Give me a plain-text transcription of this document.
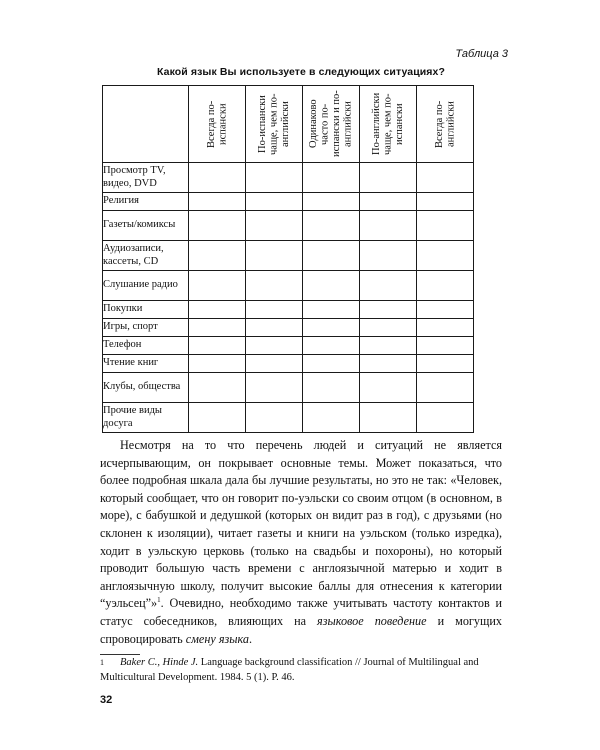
Таблица 3
Какой язык Вы используете в следующих ситуациях?

	Всегда по-испански	По-испански чаще, чем по-английски	Одинаково часто по-испански и по-английски	По-английски чаще, чем по-испански	Всегда по-английски

Просмотр TV, видео, DVD					
Религия					
Газеты/комиксы					
Аудиозаписи, кассеты, CD					
Слушание радио					
Покупки					
Игры, спорт					
Телефон					
Чтение книг					
Клубы, общества					
Прочие виды досуга					

Несмотря на то что перечень людей и ситуаций не является исчерпывающим, он покрывает основные темы. Может показаться, что более подробная шкала дала бы лучшие результаты, но это не так: «Человек, который сообщает, что он говорит по-уэльски со своим отцом (в основном, в море), с бабушкой и дедушкой (которых он видит раз в год), с друзьями (но склонен к изоляции), читает газеты и книги на уэльском (только изредка), ходит в уэльскую церковь (только на свадьбы и похороны), но который проводит большую часть времени с англоязычной матерью и ходит в англоязычную школу, получит высокие баллы для отнесения к категории “уэльсец”»$^1$. Очевидно, необходимо также учитывать частоту контактов и статус собеседников, влияющих на языковое поведение и могущих спровоцировать смену языка.

1 Baker C., Hinde J. Language background classification // Journal of Multilingual and Multicultural Development. 1984. 5 (1). P. 46.
32
